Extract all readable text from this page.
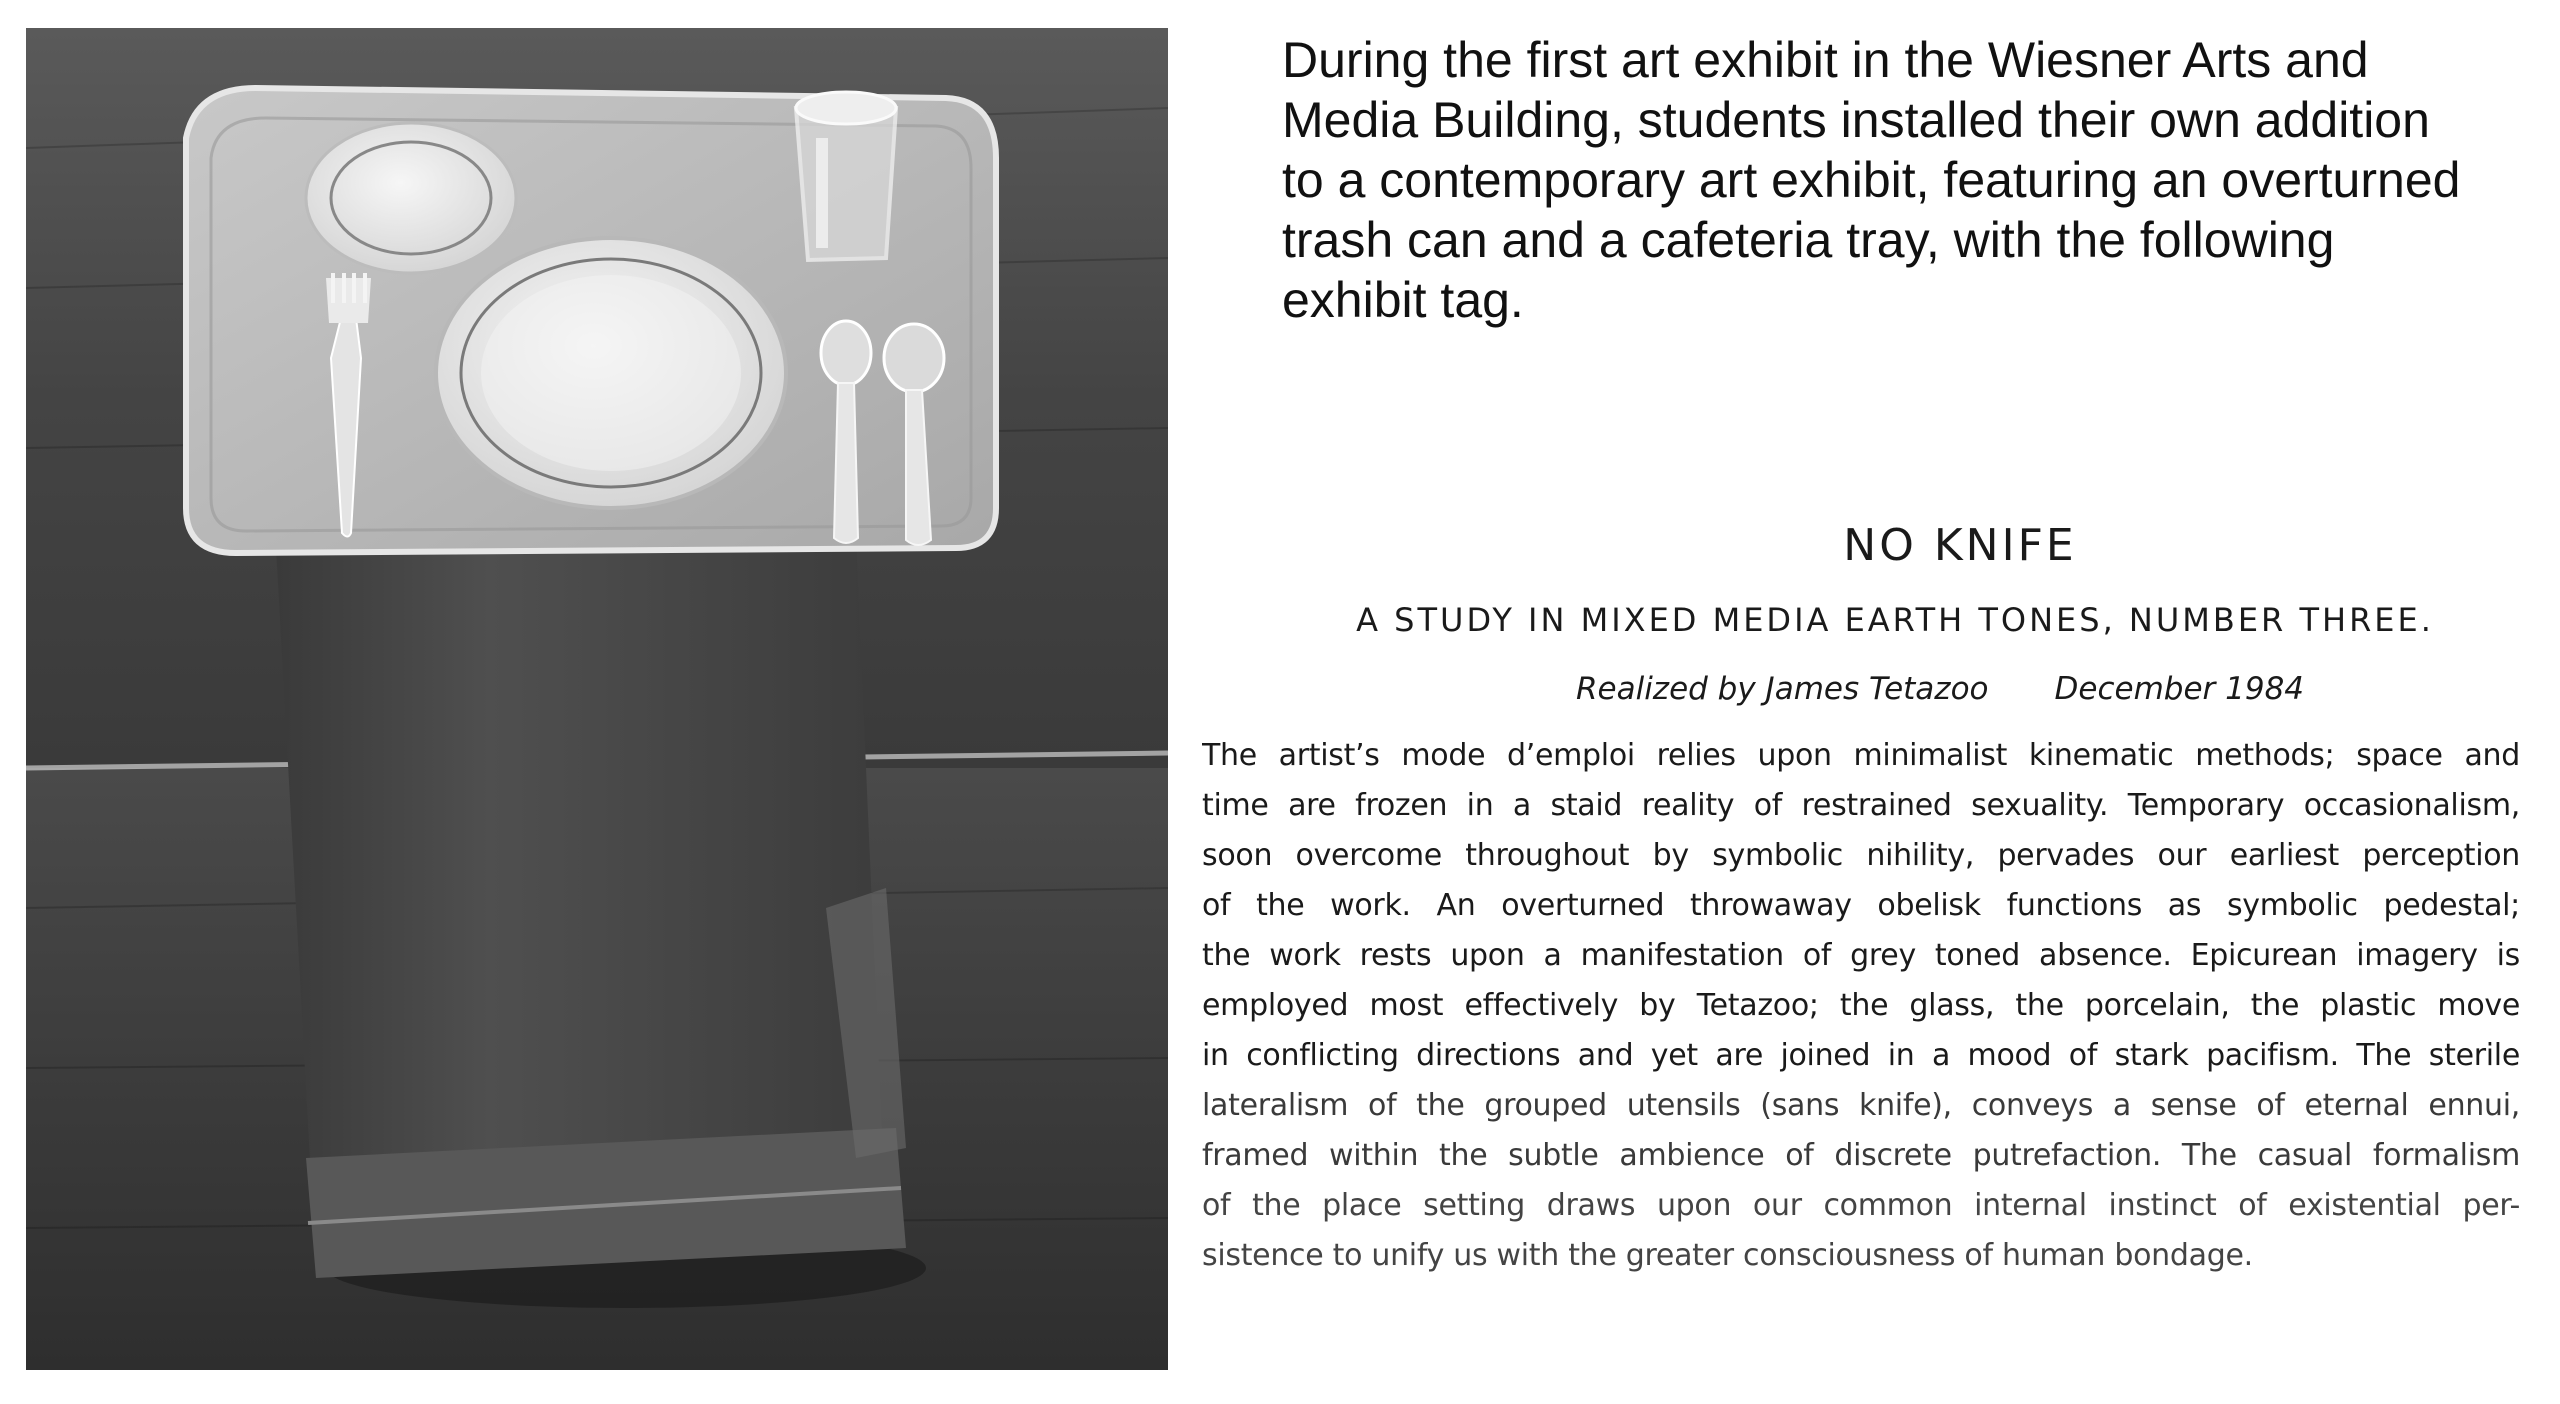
During the first art exhibit in the Wiesner Arts and Media Building, students installed their own addition to a contemporary art exhibit, featuring an overturned trash can and a cafeteria tray, with the following exhibit tag.

NO KNIFE
A STUDY IN MIXED MEDIA EARTH TONES, NUMBER THREE.
Realized by James Tetazoo December 1984
The artist’s mode d’emploi relies upon minimalist kinematic methods; space and
time are frozen in a staid reality of restrained sexuality. Temporary occasionalism,
soon overcome throughout by symbolic nihility, pervades our earliest perception
of the work. An overturned throwaway obelisk functions as symbolic pedestal;
the work rests upon a manifestation of grey toned absence. Epicurean imagery is
employed most effectively by Tetazoo; the glass, the porcelain, the plastic move
in conflicting directions and yet are joined in a mood of stark pacifism. The sterile
lateralism of the grouped utensils (sans knife), conveys a sense of eternal ennui,
framed within the subtle ambience of discrete putrefaction. The casual formalism
of the place setting draws upon our common internal instinct of existential per-
sistence to unify us with the greater consciousness of human bondage.
